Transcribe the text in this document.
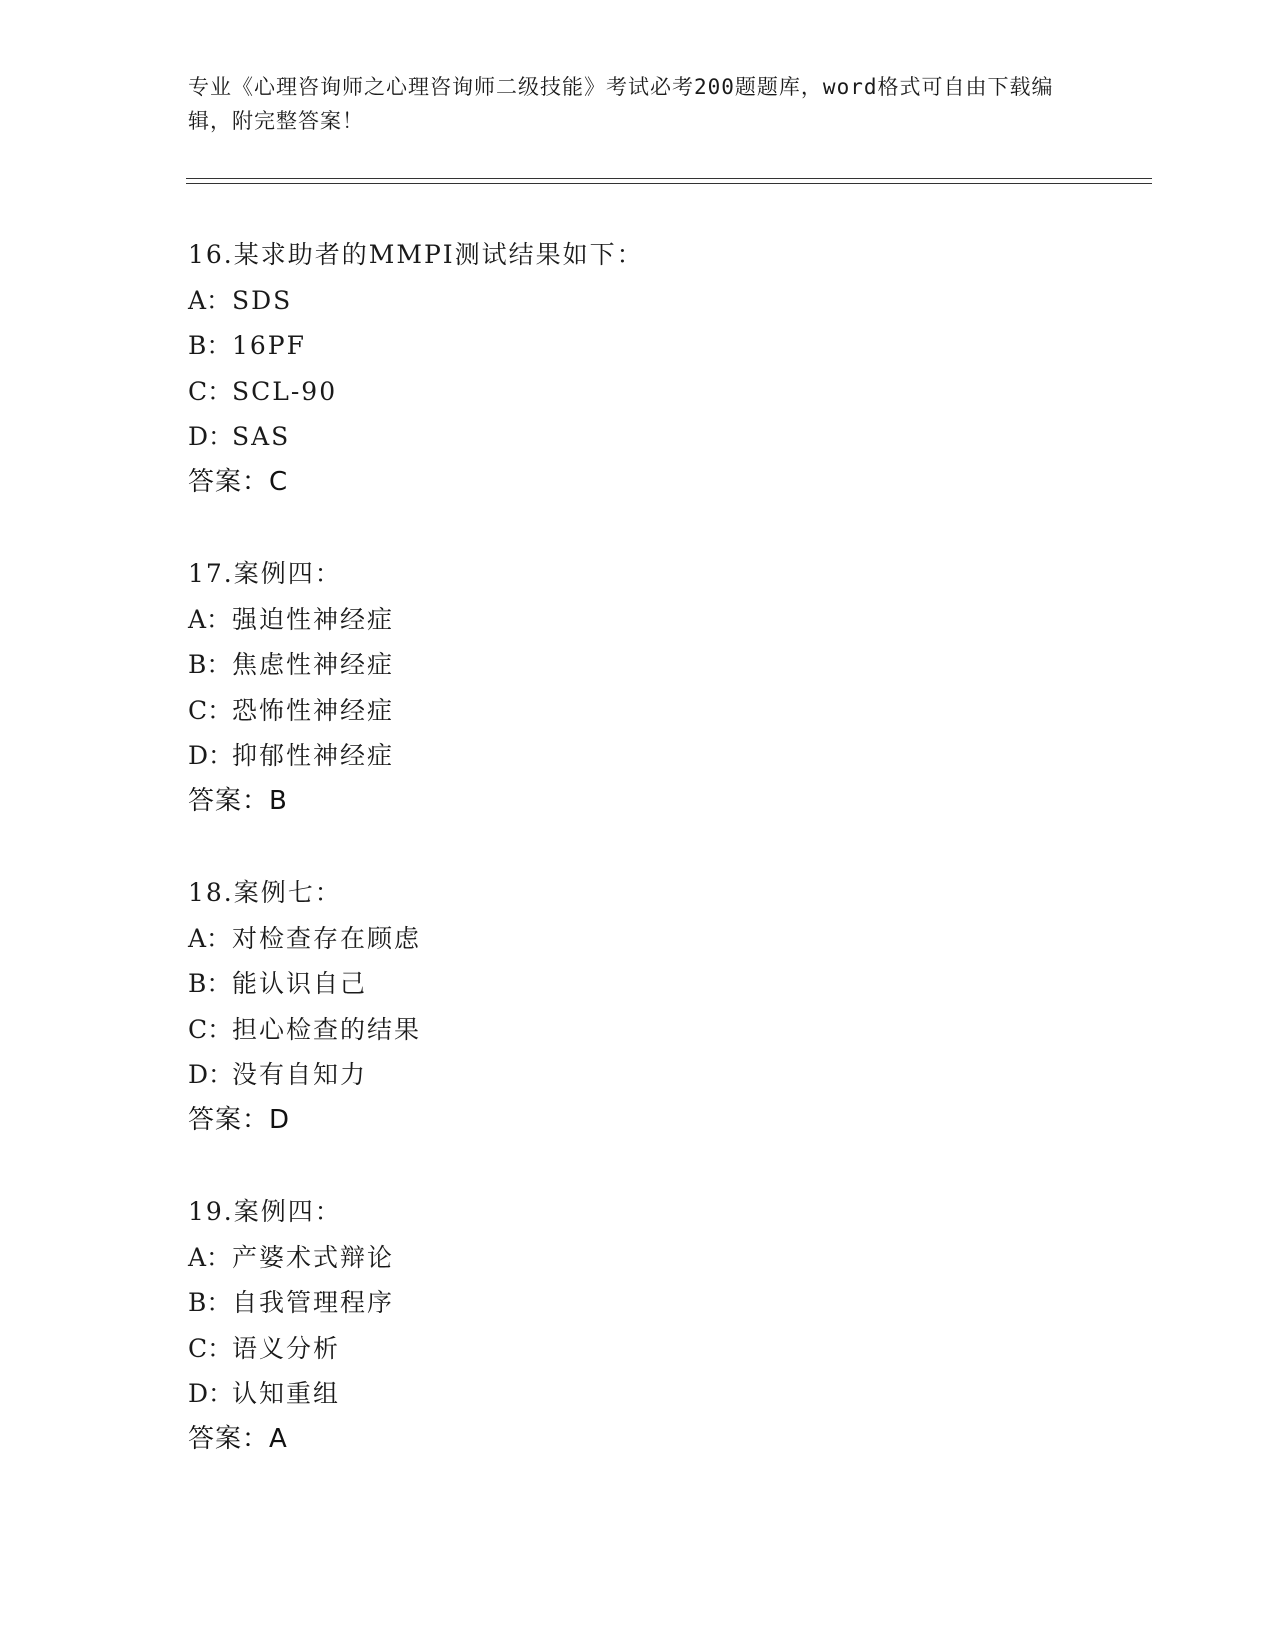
专业《心理咨询师之心理咨询师二级技能》考试必考200题题库，word格式可自由下载编辑，附完整答案！
16.某求助者的MMPI测试结果如下：
A：SDS
B：16PF
C：SCL-90
D：SAS
答案：C
17.案例四：
A：强迫性神经症
B：焦虑性神经症
C：恐怖性神经症
D：抑郁性神经症
答案：B
18.案例七：
A：对检查存在顾虑
B：能认识自己
C：担心检查的结果
D：没有自知力
答案：D
19.案例四：
A：产婆术式辩论
B：自我管理程序
C：语义分析
D：认知重组
答案：A
